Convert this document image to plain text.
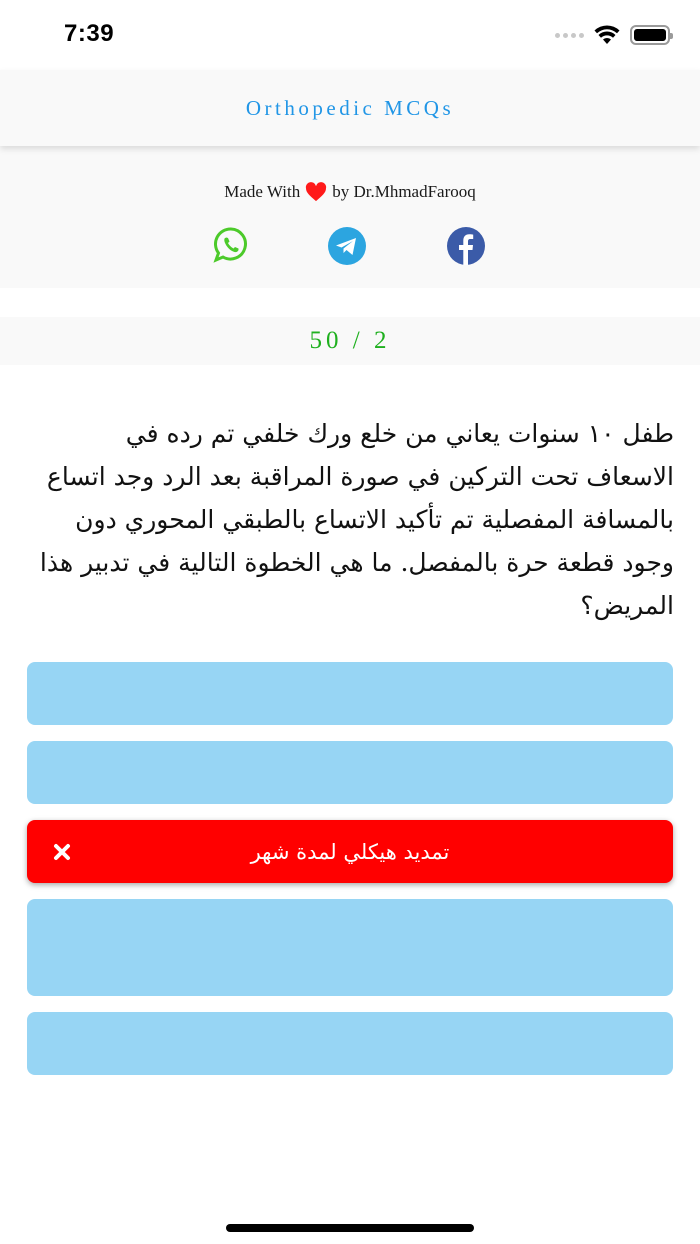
7:39
Orthopedic MCQs
Made With by Dr.MhmadFarooq
50 / 2
طفل ١٠ سنوات يعاني من خلع ورك خلفي تم رده في الاسعاف تحت التركين في صورة المراقبة بعد الرد وجد اتساع بالمسافة المفصلية تم تأكيد الاتساع بالطبقي المحوري دون وجود قطعة حرة بالمفصل. ما هي الخطوة التالية في تدبير هذا المريض؟
تمديد هيكلي لمدة شهر
